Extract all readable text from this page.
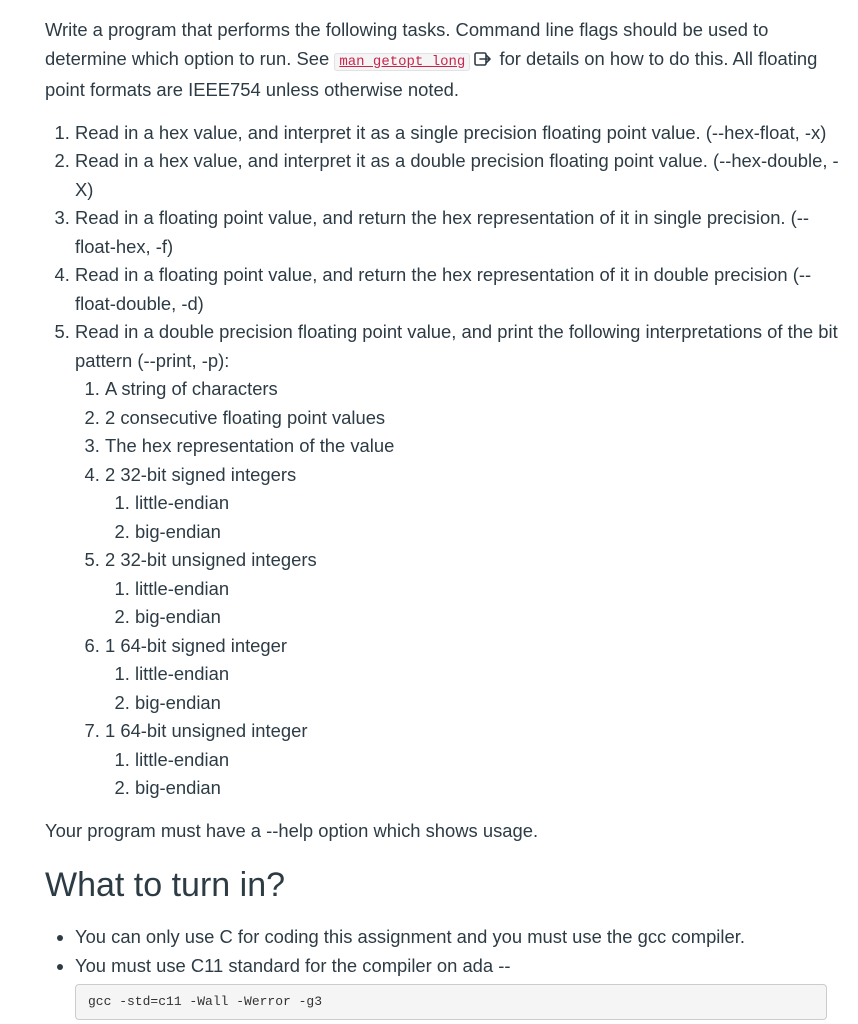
Write a program that performs the following tasks. Command line flags should be used to determine which option to run. See man getopt_long for details on how to do this. All floating point formats are IEEE754 unless otherwise noted.

1. Read in a hex value, and interpret it as a single precision floating point value. (--hex-float, -x)
2. Read in a hex value, and interpret it as a double precision floating point value. (--hex-double, -X)
3. Read in a floating point value, and return the hex representation of it in single precision. (--float-hex, -f)
4. Read in a floating point value, and return the hex representation of it in double precision (--float-double, -d)
5. Read in a double precision floating point value, and print the following interpretations of the bit pattern (--print, -p):
1. A string of characters
2. 2 consecutive floating point values
3. The hex representation of the value
4. 2 32-bit signed integers
1. little-endian
2. big-endian
5. 2 32-bit unsigned integers
1. little-endian
2. big-endian
6. 1 64-bit signed integer
1. little-endian
2. big-endian
7. 1 64-bit unsigned integer
1. little-endian
2. big-endian

Your program must have a --help option which shows usage.

What to turn in?
• You can only use C for coding this assignment and you must use the gcc compiler.
• You must use C11 standard for the compiler on ada --
gcc -std=c11 -Wall -Werror -g3
